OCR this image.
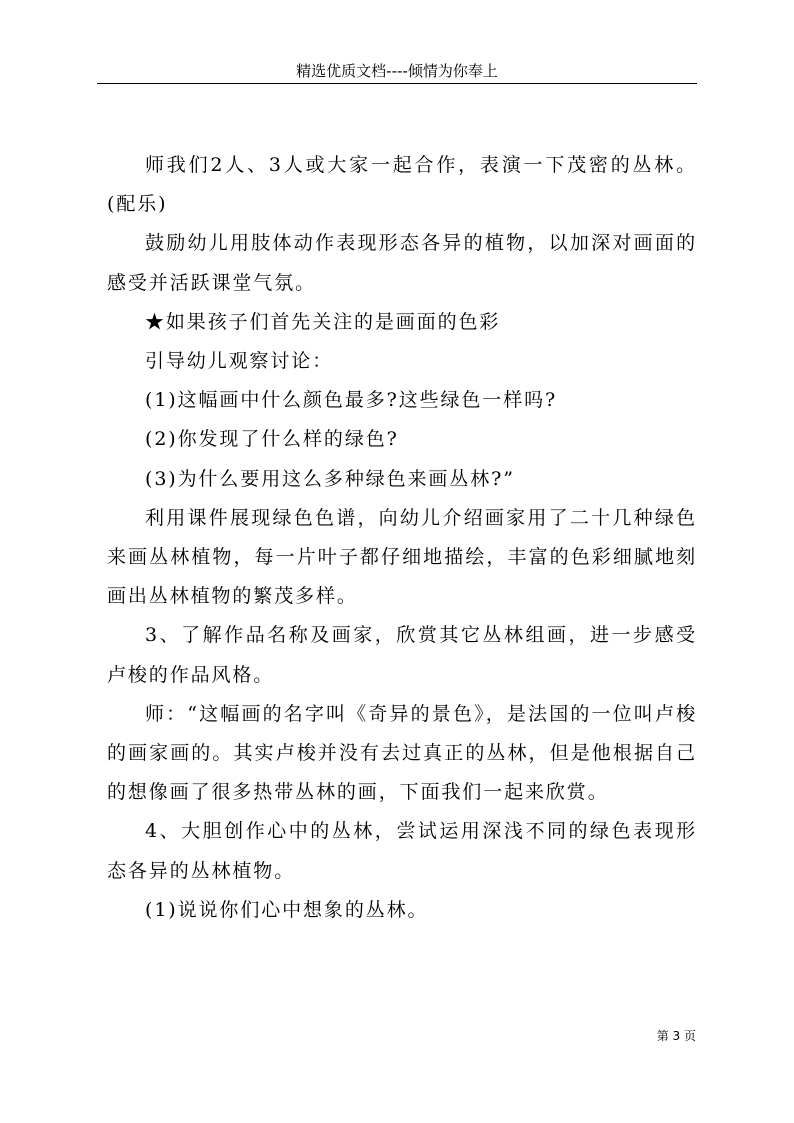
精选优质文档----倾情为你奉上

师我们2人、3人或大家一起合作，表演一下茂密的丛林。(配乐)

鼓励幼儿用肢体动作表现形态各异的植物，以加深对画面的感受并活跃课堂气氛。

★如果孩子们首先关注的是画面的色彩

引导幼儿观察讨论：

(1)这幅画中什么颜色最多?这些绿色一样吗?

(2)你发现了什么样的绿色?

(3)为什么要用这么多种绿色来画丛林?”

利用课件展现绿色色谱，向幼儿介绍画家用了二十几种绿色来画丛林植物，每一片叶子都仔细地描绘，丰富的色彩细腻地刻画出丛林植物的繁茂多样。

3、了解作品名称及画家，欣赏其它丛林组画，进一步感受卢梭的作品风格。

师：“这幅画的名字叫《奇异的景色》，是法国的一位叫卢梭的画家画的。其实卢梭并没有去过真正的丛林，但是他根据自己的想像画了很多热带丛林的画，下面我们一起来欣赏。

4、大胆创作心中的丛林，尝试运用深浅不同的绿色表现形态各异的丛林植物。

(1)说说你们心中想象的丛林。

第 3 页
